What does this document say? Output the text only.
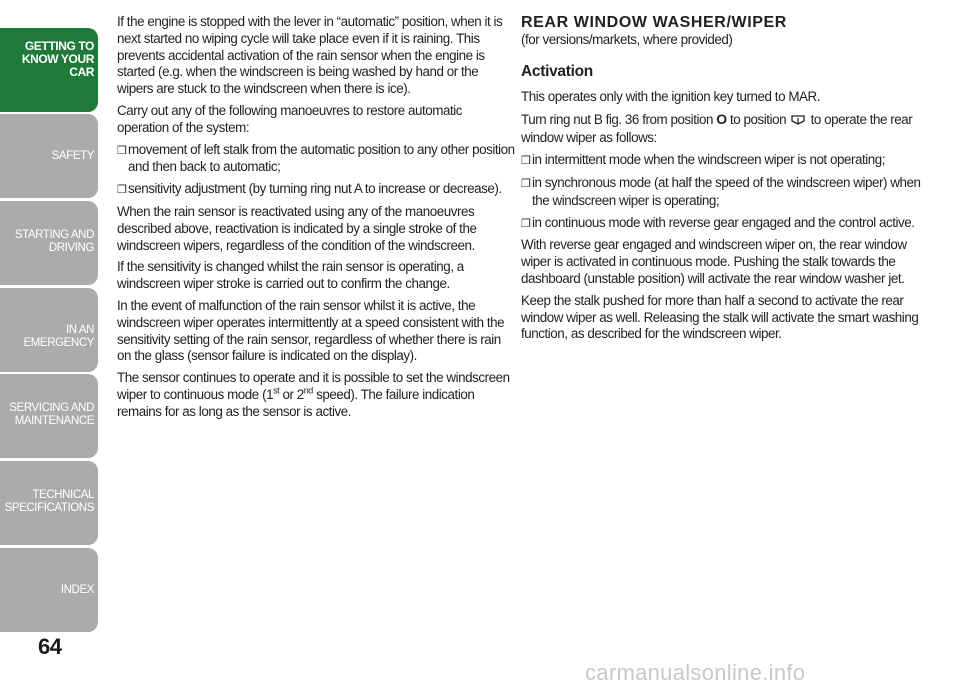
GETTING TO
KNOW YOUR CAR
SAFETY
STARTING AND
DRIVING
IN AN EMERGENCY
SERVICING AND
MAINTENANCE
TECHNICAL
SPECIFICATIONS
INDEX
64

If the engine is stopped with the lever in “automatic” position, when it is next started no wiping cycle will take place even if it is raining. This prevents accidental activation of the rain sensor when the engine is started (e.g. when the windscreen is being washed by hand or the wipers are stuck to the windscreen when there is ice).

Carry out any of the following manoeuvres to restore automatic operation of the system:

❒ movement of left stalk from the automatic position to any other position and then back to automatic;

❒ sensitivity adjustment (by turning ring nut A to increase or decrease).

When the rain sensor is reactivated using any of the manoeuvres described above, reactivation is indicated by a single stroke of the windscreen wipers, regardless of the condition of the windscreen.

If the sensitivity is changed whilst the rain sensor is operating, a windscreen wiper stroke is carried out to confirm the change.

In the event of malfunction of the rain sensor whilst it is active, the windscreen wiper operates intermittently at a speed consistent with the sensitivity setting of the rain sensor, regardless of whether there is rain on the glass (sensor failure is indicated on the display).

The sensor continues to operate and it is possible to set the windscreen wiper to continuous mode (1st or 2nd speed). The failure indication remains for as long as the sensor is active.

REAR WINDOW WASHER/WIPER

(for versions/markets, where provided)

Activation

This operates only with the ignition key turned to MAR.

Turn ring nut B fig. 36 from position O to position  to operate the rear window wiper as follows:

❒ in intermittent mode when the windscreen wiper is not operating;

❒ in synchronous mode (at half the speed of the windscreen wiper) when the windscreen wiper is operating;

❒ in continuous mode with reverse gear engaged and the control active.

With reverse gear engaged and windscreen wiper on, the rear window wiper is activated in continuous mode. Pushing the stalk towards the dashboard (unstable position) will activate the rear window washer jet.

Keep the stalk pushed for more than half a second to activate the rear window wiper as well. Releasing the stalk will activate the smart washing function, as described for the windscreen wiper.

carmanualsonline.info
